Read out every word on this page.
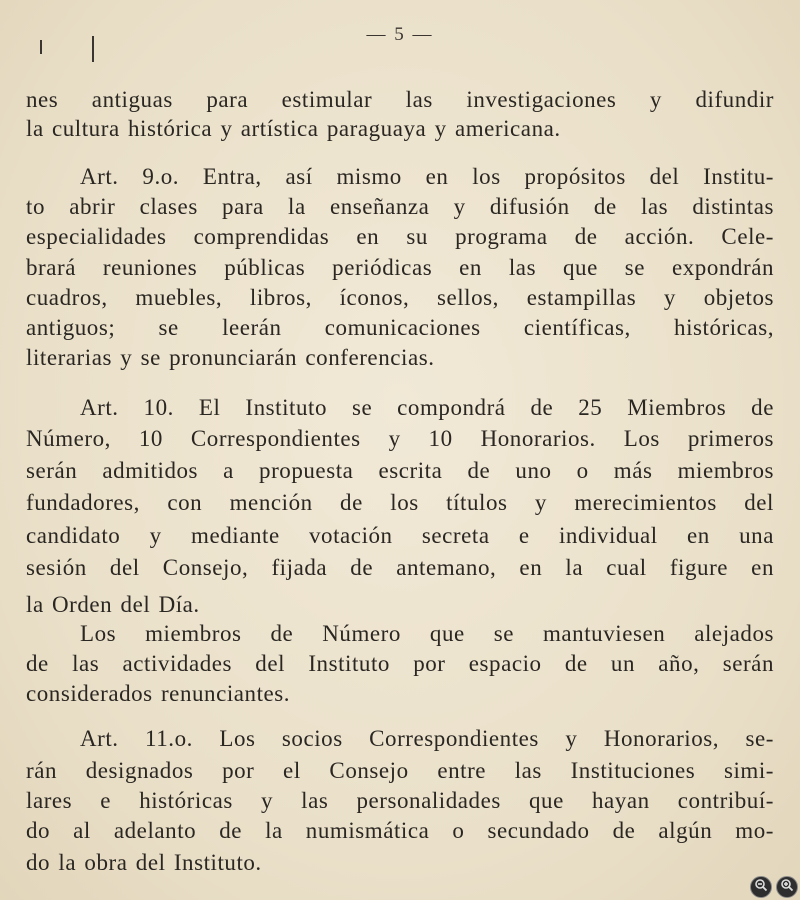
— 5 —
nes antiguas para estimular las investigaciones y difundir
la cultura histórica y artística paraguaya y americana.
Art. 9.o. Entra, así mismo en los propósitos del Institu-
to abrir clases para la enseñanza y difusión de las distintas
especialidades comprendidas en su programa de acción. Cele-
brará reuniones públicas periódicas en las que se expondrán
cuadros, muebles, libros, íconos, sellos, estampillas y objetos
antiguos; se leerán comunicaciones científicas, históricas,
literarias y se pronunciarán conferencias.
Art. 10. El Instituto se compondrá de 25 Miembros de
Número, 10 Correspondientes y 10 Honorarios. Los primeros
serán admitidos a propuesta escrita de uno o más miembros
fundadores, con mención de los títulos y merecimientos del
candidato y mediante votación secreta e individual en una
sesión del Consejo, fijada de antemano, en la cual figure en
la Orden del Día.
Los miembros de Número que se mantuviesen alejados
de las actividades del Instituto por espacio de un año, serán
considerados renunciantes.
Art. 11.o. Los socios Correspondientes y Honorarios, se-
rán designados por el Consejo entre las Instituciones simi-
lares e históricas y las personalidades que hayan contribuí-
do al adelanto de la numismática o secundado de algún mo-
do la obra del Instituto.
